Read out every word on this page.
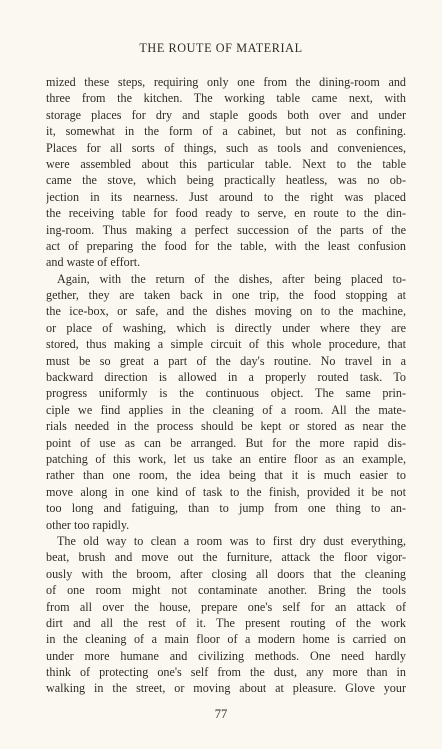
THE ROUTE OF MATERIAL
mized these steps, requiring only one from the dining-room and
three from the kitchen. The working table came next, with
storage places for dry and staple goods both over and under
it, somewhat in the form of a cabinet, but not as confining.
Places for all sorts of things, such as tools and conveniences,
were assembled about this particular table. Next to the table
came the stove, which being practically heatless, was no ob-
jection in its nearness. Just around to the right was placed
the receiving table for food ready to serve, en route to the din-
ing-room. Thus making a perfect succession of the parts of the
act of preparing the food for the table, with the least confusion
and waste of effort.
Again, with the return of the dishes, after being placed to-
gether, they are taken back in one trip, the food stopping at
the ice-box, or safe, and the dishes moving on to the machine,
or place of washing, which is directly under where they are
stored, thus making a simple circuit of this whole procedure, that
must be so great a part of the day's routine. No travel in a
backward direction is allowed in a properly routed task. To
progress uniformly is the continuous object. The same prin-
ciple we find applies in the cleaning of a room. All the mate-
rials needed in the process should be kept or stored as near the
point of use as can be arranged. But for the more rapid dis-
patching of this work, let us take an entire floor as an example,
rather than one room, the idea being that it is much easier to
move along in one kind of task to the finish, provided it be not
too long and fatiguing, than to jump from one thing to an-
other too rapidly.
The old way to clean a room was to first dry dust everything,
beat, brush and move out the furniture, attack the floor vigor-
ously with the broom, after closing all doors that the cleaning
of one room might not contaminate another. Bring the tools
from all over the house, prepare one's self for an attack of
dirt and all the rest of it. The present routing of the work
in the cleaning of a main floor of a modern home is carried on
under more humane and civilizing methods. One need hardly
think of protecting one's self from the dust, any more than in
walking in the street, or moving about at pleasure. Glove your
77
